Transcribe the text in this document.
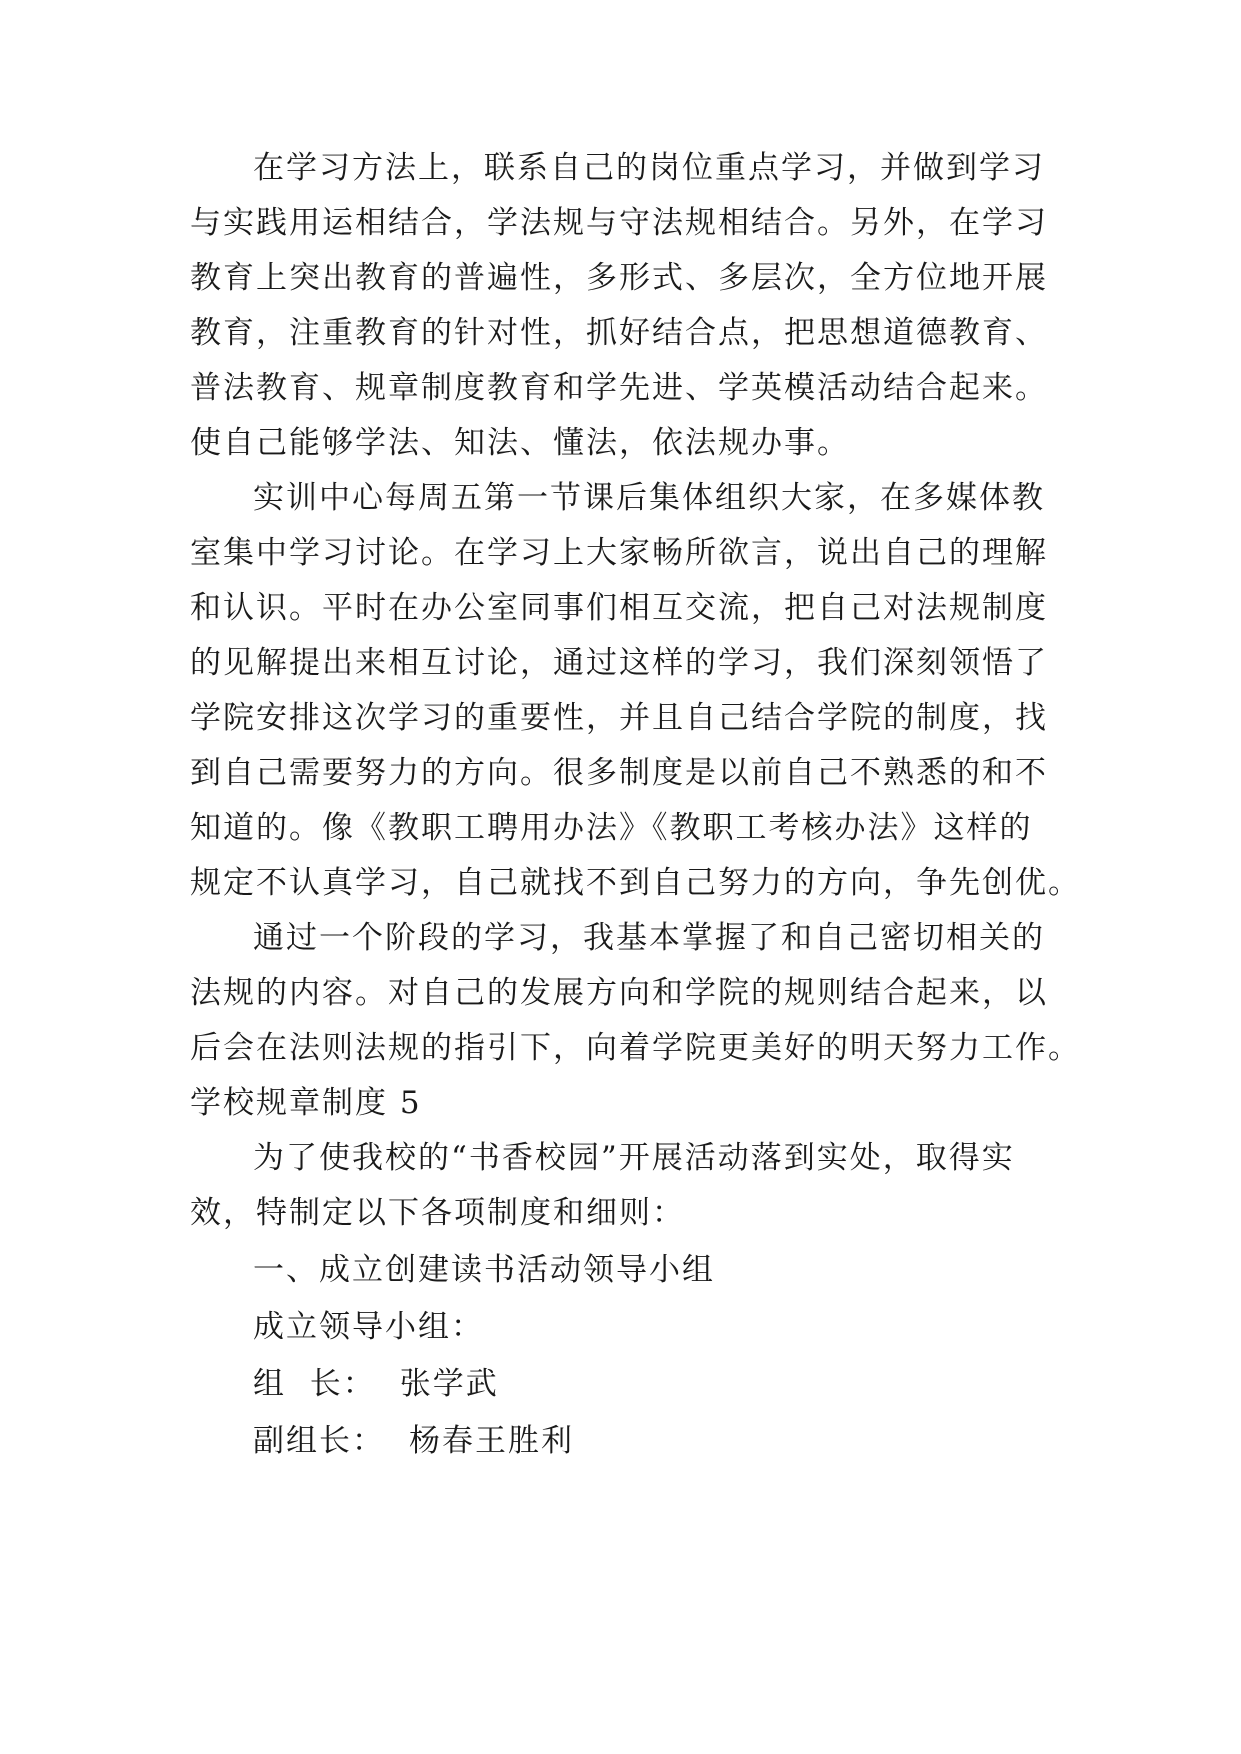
在学习方法上，联系自己的岗位重点学习，并做到学习
与实践用运相结合，学法规与守法规相结合。另外，在学习
教育上突出教育的普遍性，多形式、多层次，全方位地开展
教育，注重教育的针对性，抓好结合点，把思想道德教育、
普法教育、规章制度教育和学先进、学英模活动结合起来。
使自己能够学法、知法、懂法，依法规办事。
实训中心每周五第一节课后集体组织大家，在多媒体教
室集中学习讨论。在学习上大家畅所欲言，说出自己的理解
和认识。平时在办公室同事们相互交流，把自己对法规制度
的见解提出来相互讨论，通过这样的学习，我们深刻领悟了
学院安排这次学习的重要性，并且自己结合学院的制度，找
到自己需要努力的方向。很多制度是以前自己不熟悉的和不
知道的。像《教职工聘用办法》《教职工考核办法》这样的
规定不认真学习，自己就找不到自己努力的方向，争先创优。
通过一个阶段的学习，我基本掌握了和自己密切相关的
法规的内容。对自己的发展方向和学院的规则结合起来，以
后会在法则法规的指引下，向着学院更美好的明天努力工作。
学校规章制度 5
为了使我校的“书香校园”开展活动落到实处，取得实
效，特制定以下各项制度和细则：
一、成立创建读书活动领导小组
成立领导小组：
组  长： 张学武
副组长： 杨春王胜利
